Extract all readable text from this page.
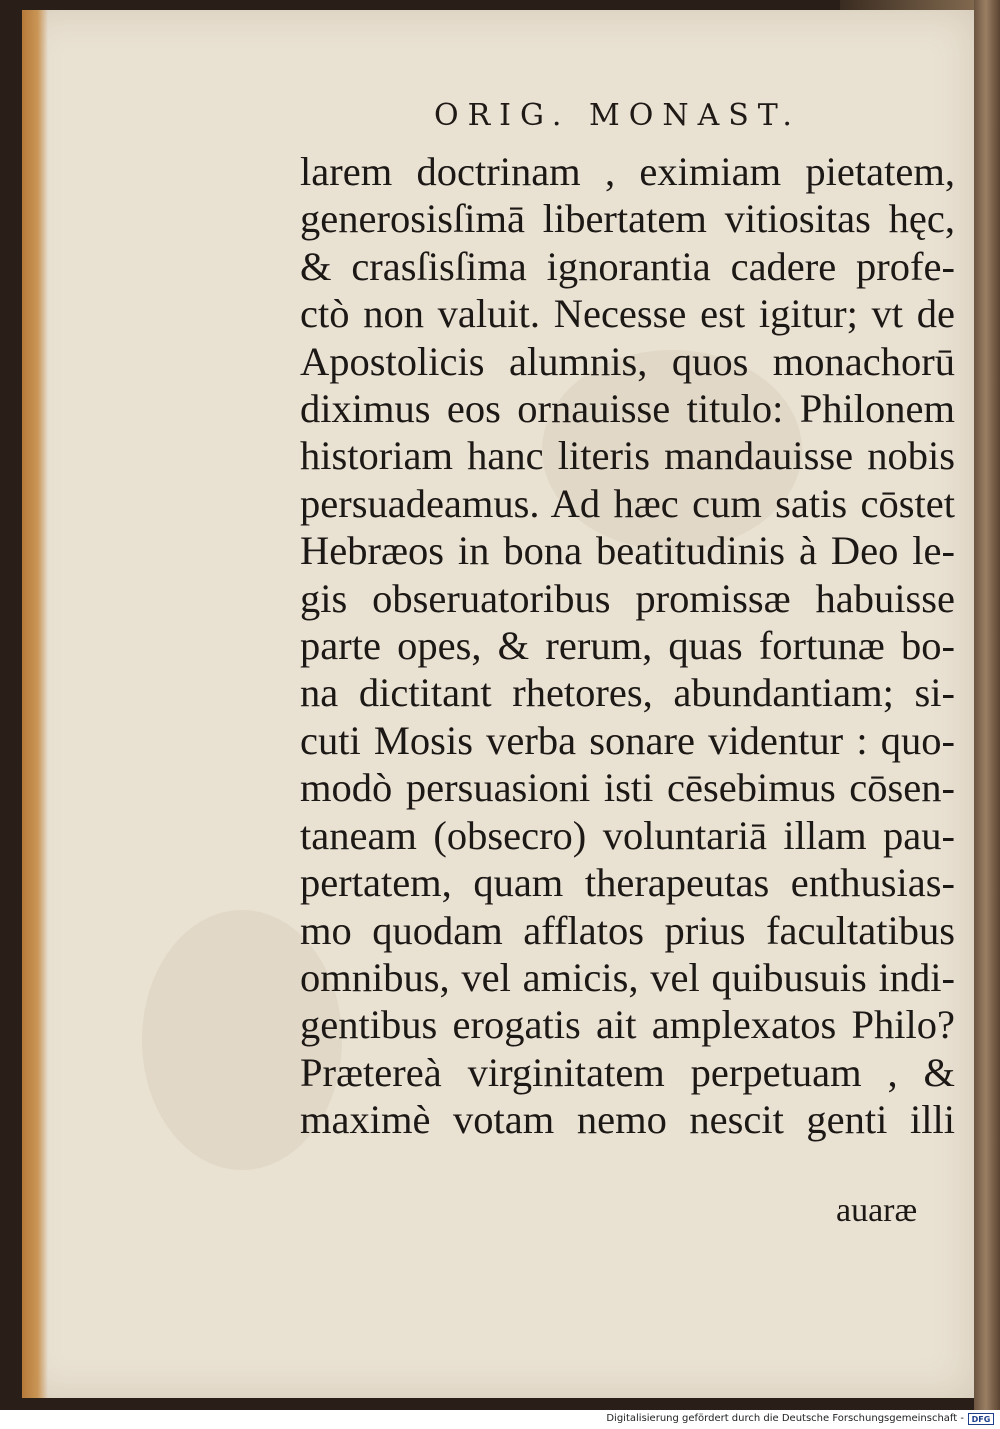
ORIG. MONAST.
larem doctrinam , eximiam pietatem,
generosisſimā libertatem vitiositas hęc,
& crasſisſima ignorantia cadere profe-
ctò non valuit. Necesse est igitur; vt de
Apostolicis alumnis, quos monachorū
diximus eos ornauisse titulo: Philonem
historiam hanc literis mandauisse nobis
persuadeamus. Ad hæc cum satis cōstet
Hebræos in bona beatitudinis à Deo le-
gis obseruatoribus promissæ habuisse
parte opes, & rerum, quas fortunæ bo-
na dictitant rhetores, abundantiam; si-
cuti Mosis verba sonare videntur : quo-
modò persuasioni isti cēsebimus cōsen-
taneam (obsecro) voluntariā illam pau-
pertatem, quam therapeutas enthusias-
mo quodam afflatos prius facultatibus
omnibus, vel amicis, vel quibusuis indi-
gentibus erogatis ait amplexatos Philo?
Prætereà virginitatem perpetuam , &
maximè votam nemo nescit genti illi
auaræ
Digitalisierung gefördert durch die Deutsche Forschungsgemeinschaft - DFG
